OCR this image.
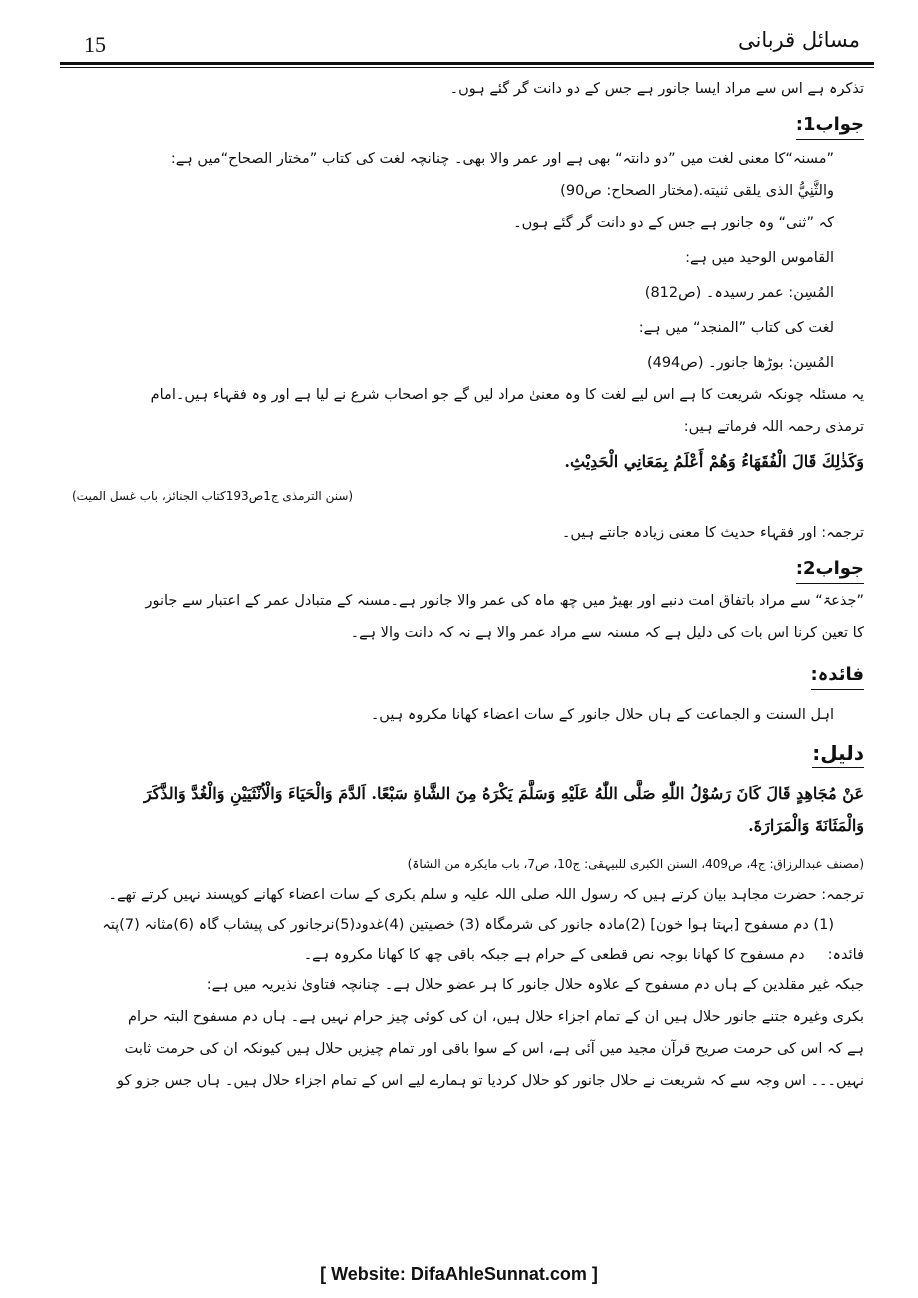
15	مسائل قربانی
تذکرہ ہے اس سے مراد ایسا جانور ہے جس کے دو دانت گر گئے ہوں۔
جواب1:
”مسنہ“کا معنی لغت میں ”دو دانتہ“ بھی ہے اور عمر والا بھی۔ چنانچہ لغت کی کتاب ”مختار الصحاح“میں ہے:
والثَّنِيُّ الذی یلقی ثنیته.(مختار الصحاح: ص90)
کہ ”ثنی“ وہ جانور ہے جس کے دو دانت گر گئے ہوں۔
القاموس الوحید میں ہے:
المُسِن: عمر رسیدہ۔ (ص812)
لغت کی کتاب ”المنجد“ میں ہے:
المُسِن: بوڑھا جانور۔ (ص494)
یہ مسئلہ چونکہ شریعت کا ہے اس لیے لغت کا وہ معنیٰ مراد لیں گے جو اصحاب شرع نے لیا ہے اور وہ فقہاء ہیں۔امام
ترمذی رحمہ اللہ فرماتے ہیں:
وَكَذٰلِكَ قَالَ الْفُقَهَاءُ وَهُمْ أَعْلَمُ بِمَعَانِي الْحَدِيْثِ.
(سنن الترمذی ج1ص193کتاب الجنائز، باب غسل المیت)
ترجمہ: اور فقہاء حدیث کا معنی زیادہ جانتے ہیں۔
جواب2:
”جذعۃ“ سے مراد باتفاق امت دنبے اور بھیڑ میں چھ ماہ کی عمر والا جانور ہے۔مسنہ کے متبادل عمر کے اعتبار سے جانور
کا تعین کرنا اس بات کی دلیل ہے کہ مسنہ سے مراد عمر والا ہے نہ کہ دانت والا ہے۔
فائدہ:
اہل السنت و الجماعت کے ہاں حلال جانور کے سات اعضاء کھانا مکروہ ہیں۔
دلیل:
عَنْ مُجَاهِدٍ قَالَ كَانَ رَسُوْلُ اللّٰهِ صَلَّى اللّٰهُ عَلَيْهِ وَسَلَّمَ يَكْرَهُ مِنَ الشَّاةِ سَبْعًا. اَلدَّمَ وَالْحَيَاءَ وَالْاُنْثَيَيْنِ وَالْغُدَّ وَالذَّكَرَ
وَالْمَثَانَةَ وَالْمَرَارَةَ.
(مصنف عبدالرزاق: ج4، ص409، السنن الکبری للبیہقی: ج10، ص7، باب مایکرہ من الشاۃ)
ترجمہ: حضرت مجاہد بیان کرتے ہیں کہ رسول اللہ صلی اللہ علیہ و سلم بکری کے سات اعضاء کھانے کوپسند نہیں کرتے تھے۔
(1) دم مسفوح [بہتا ہوا خون] (2)مادہ جانور کی شرمگاہ (3) خصیتین (4)غدود(5)نرجانور کی پیشاب گاہ (6)مثانہ (7)پتہ
فائدہ:     دم مسفوح کا کھانا بوجہ نص قطعی کے حرام ہے جبکہ باقی چھ کا کھانا مکروہ ہے۔
جبکہ غیر مقلدین کے ہاں دم مسفوح کے علاوہ حلال جانور کا ہر عضو حلال ہے۔ چنانچہ فتاویٰ نذیریہ میں ہے:
بکری وغیرہ جتنے جانور حلال ہیں ان کے تمام اجزاء حلال ہیں، ان کی کوئی چیز حرام نہیں ہے۔ ہاں دم مسفوح البتہ حرام
ہے کہ اس کی حرمت صریح قرآن مجید میں آئی ہے، اس کے سوا باقی اور تمام چیزیں حلال ہیں کیونکہ ان کی حرمت ثابت
نہیں۔۔۔ اس وجہ سے کہ شریعت نے حلال جانور کو حلال کردیا تو ہمارے لیے اس کے تمام اجزاء حلال ہیں۔ ہاں جس جزو کو
[ Website: DifaAhleSunnat.com ]
